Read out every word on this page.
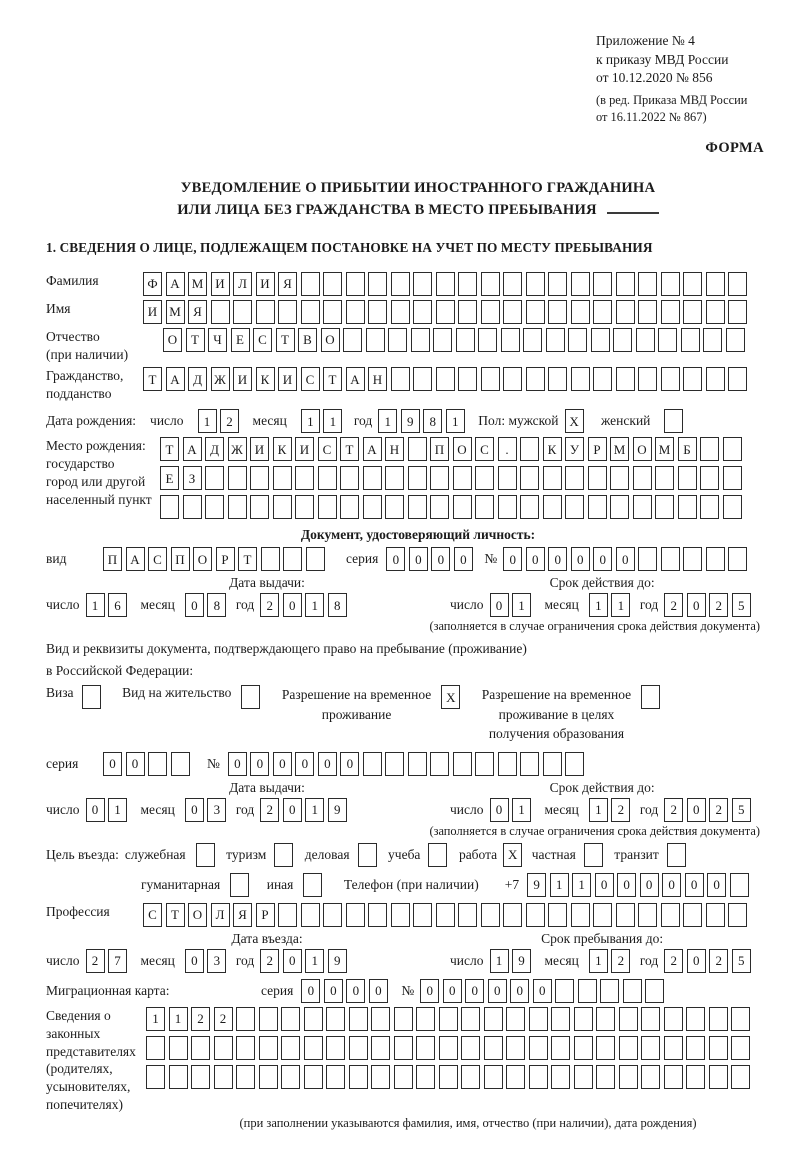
Приложение № 4
к приказу МВД России
от 10.12.2020 № 856
(в ред. Приказа МВД России
от 16.11.2022 № 867)
ФОРМА
УВЕДОМЛЕНИЕ О ПРИБЫТИИ ИНОСТРАННОГО ГРАЖДАНИНА
ИЛИ ЛИЦА БЕЗ ГРАЖДАНСТВА В МЕСТО ПРЕБЫВАНИЯ
1. СВЕДЕНИЯ О ЛИЦЕ, ПОДЛЕЖАЩЕМ ПОСТАНОВКЕ НА УЧЕТ ПО МЕСТУ ПРЕБЫВАНИЯ
Фамилия	Ф А М И	Л	И	Я
Имя	И М Я
Отчество
(при наличии)
О	Т	Ч	Е	С	Т	В	О
Гражданство,
подданство
Т	А	Д Ж И	К	И	С	Т	А	Н
Дата рождения: число	1	2	месяц	1	1	год 1	9	8	1	Пол: мужской X	женский
Место рождения:
государство
город или другой
населенный пункт
Т	А	Д Ж И	К	И	С	Т	А	Н	П	О	С	.	К	У	Р	М О М Б

Е	З

Документ, удостоверяющий личность:
вид	П	А	С	П	О	Р	Т	серия	0	0	0	0	№ 0	0	0	0	0	0
Дата выдачи:
число 1	6	месяц	0	8	год 2	0	1	8
Срок действия до:
число 0	1	месяц	1	1	год 2	0	2	5
(заполняется в случае ограничения срока действия документа)
Вид и реквизиты документа, подтверждающего право на пребывание (проживание)
в Российской Федерации:
Виза	Вид на жительство	Разрешение на временное
проживание
X	Разрешение на временное
проживание в целях
получения образования
серия	0	0	№	0	0	0	0	0	0
Дата выдачи:
число 0	1	месяц	0	3	год 2	0	1	9
Срок действия до:
число 0	1	месяц	1	2	год 2	0	2	5
(заполняется в случае ограничения срока действия документа)
Цель въезда: служебная	туризм	деловая	учеба	работа X	частная	транзит
гуманитарная	иная	Телефон (при наличии) +7	9	1	1	0	0	0	0	0	0
Профессия	С	Т	О	Л	Я	Р
Дата въезда:
число 2	7	месяц	0	3	год 2	0	1	9
Срок пребывания до:
число 1	9	месяц	1	2	год 2	0	2	5
Миграционная карта:	серия	0	0	0	0	№ 0	0	0	0	0	0
Сведения о
законных
представителях
(родителях,
усыновителях,
попечителях)
1	1	2	2
(при заполнении указываются фамилия, имя, отчество (при наличии), дата рождения)
